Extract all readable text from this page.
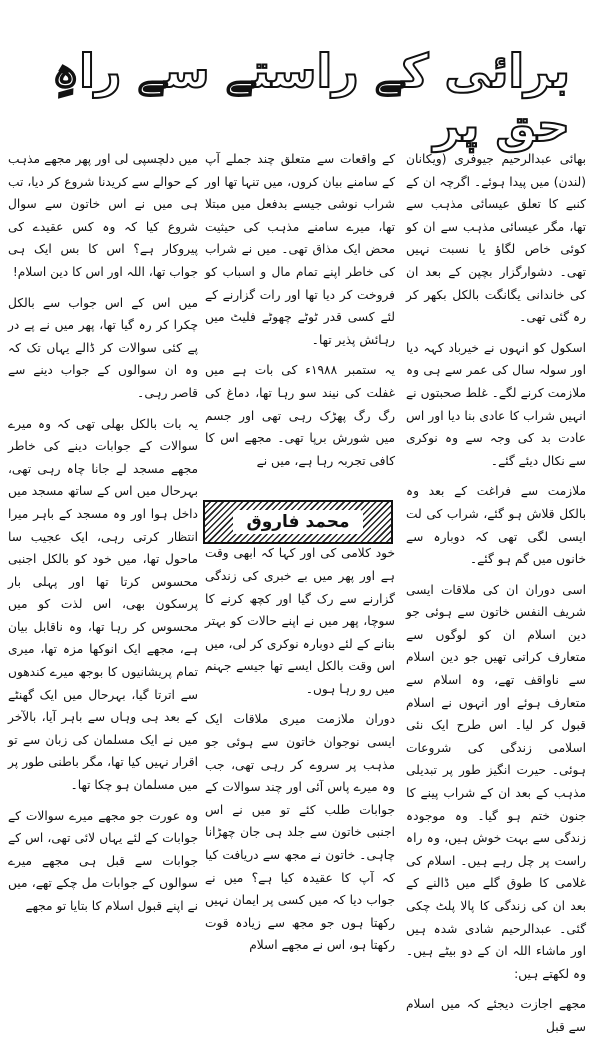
برائی کے راستے سے راہِ حق پر

بھائی عبدالرحیم جیوفری (ویکانان (لندن) میں پیدا ہوئے۔ اگرچہ ان کے کنبے کا تعلق عیسائی مذہب سے تھا، مگر عیسائی مذہب سے ان کو کوئی خاص لگاؤ یا نسبت نہیں تھی۔ دشوارگزار بچپن کے بعد ان کی خاندانی یگانگت بالکل بکھر کر رہ گئی تھی۔

اسکول کو انہوں نے خیرباد کہہ دیا اور سولہ سال کی عمر سے ہی وہ ملازمت کرنے لگے۔ غلط صحبتوں نے انہیں شراب کا عادی بنا دیا اور اس عادت بد کی وجہ سے وہ نوکری سے نکال دیئے گئے۔

ملازمت سے فراغت کے بعد وہ بالکل قلاش ہو گئے، شراب کی لت ایسی لگی تھی کہ دوبارہ سے خانوں میں گم ہو گئے۔

اسی دوران ان کی ملاقات ایسی شریف النفس خاتون سے ہوئی جو دین اسلام ان کو لوگوں سے متعارف کراتی تھیں جو دین اسلام سے ناواقف تھے، وہ اسلام سے متعارف ہوئے اور انہوں نے اسلام قبول کر لیا۔ اس طرح ایک نئی اسلامی زندگی کی شروعات ہوئی۔ حیرت انگیز طور پر تبدیلی مذہب کے بعد ان کے شراب پینے کا جنون ختم ہو گیا۔ وہ موجودہ زندگی سے بہت خوش ہیں، وہ راہ راست پر چل رہے ہیں۔ اسلام کی غلامی کا طوق گلے میں ڈالنے کے بعد ان کی زندگی کا پالا پلٹ چکی گئی۔ عبدالرحیم شادی شدہ ہیں اور ماشاء اللہ ان کے دو بیٹے ہیں۔ وہ لکھتے ہیں:

مجھے اجازت دیجئے کہ میں اسلام سے قبل

کے واقعات سے متعلق چند جملے آپ کے سامنے بیان کروں، میں تنہا تھا اور شراب نوشی جیسے بدفعل میں مبتلا تھا، میرے سامنے مذہب کی حیثیت محض ایک مذاق تھی۔ میں نے شراب کی خاطر اپنے تمام مال و اسباب کو فروخت کر دیا تھا اور رات گزارنے کے لئے کسی قدر ٹوٹے چھوٹے فلیٹ میں رہائش پذیر تھا۔

یہ ستمبر ۱۹۸۸ء کی بات ہے میں غفلت کی نیند سو رہا تھا، دماغ کی رگ رگ پھڑک رہی تھی اور جسم میں شورش برپا تھی۔ مجھے اس کا کافی تجربہ رہا ہے، میں نے

خود کلامی کی اور کہا کہ ابھی وقت ہے اور پھر میں بے خبری کی زندگی گزارنے سے رک گیا اور کچھ کرنے کا سوچا، پھر میں نے اپنے حالات کو بہتر بنانے کے لئے دوبارہ نوکری کر لی، میں اس وقت بالکل ایسے تھا جیسے جہنم میں رو رہا ہوں۔

دوران ملازمت میری ملاقات ایک ایسی نوجوان خاتون سے ہوئی جو مذہب پر سروے کر رہی تھی، جب وہ میرے پاس آئی اور چند سوالات کے جوابات طلب کئے تو میں نے اس اجنبی خاتون سے جلد ہی جان چھڑانا چاہی۔ خاتون نے مجھ سے دریافت کیا کہ آپ کا عقیدہ کیا ہے؟ میں نے جواب دیا کہ میں کسی پر ایمان نہیں رکھتا ہوں جو مجھ سے زیادہ قوت رکھتا ہو، اس نے مجھے اسلام

محمد فاروق

میں دلچسپی لی اور پھر مجھے مذہب کے حوالے سے کریدنا شروع کر دیا، تب ہی میں نے اس خاتون سے سوال شروع کیا کہ وہ کس عقیدے کی پیروکار ہے؟ اس کا بس ایک ہی جواب تھا، اللہ اور اس کا دین اسلام!

میں اس کے اس جواب سے بالکل چکرا کر رہ گیا تھا، پھر میں نے پے در پے کئی سوالات کر ڈالے یہاں تک کہ وہ ان سوالوں کے جواب دینے سے قاصر رہی۔

یہ بات بالکل بھلی تھی کہ وہ میرے سوالات کے جوابات دینے کی خاطر مجھے مسجد لے جانا چاہ رہی تھی، بہرحال میں اس کے ساتھ مسجد میں داخل ہوا اور وہ مسجد کے باہر میرا انتظار کرتی رہی، ایک عجیب سا ماحول تھا، میں خود کو بالکل اجنبی محسوس کرتا تھا اور پہلی بار پرسکون بھی، اس لذت کو میں محسوس کر رہا تھا، وہ ناقابل بیان ہے، مجھے ایک انوکھا مزہ تھا، میری تمام پریشانیوں کا بوجھ میرے کندھوں سے اترتا گیا، بہرحال میں ایک گھنٹے کے بعد ہی وہاں سے باہر آیا، بالآخر میں نے ایک مسلمان کی زبان سے تو اقرار نہیں کیا تھا، مگر باطنی طور پر میں مسلمان ہو چکا تھا۔

وہ عورت جو مجھے میرے سوالات کے جوابات کے لئے یہاں لائی تھی، اس کے جوابات سے قبل ہی مجھے میرے سوالوں کے جوابات مل چکے تھے، میں نے اپنے قبول اسلام کا بتایا تو مجھے
